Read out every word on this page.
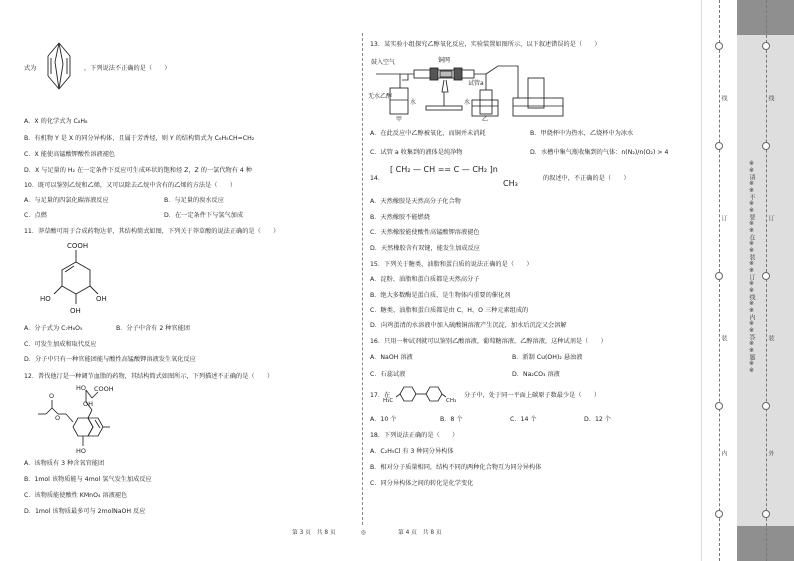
式为	，下列说法不正确的是（　　）
A．X 的化学式为 C₈H₈
B．有机物 Y 是 X 的同分异构体，且属于芳香烃，则 Y 的结构简式为 C₆H₅CH=CH₂
C．X 能使高锰酸钾酸性溶液褪色
D．X 与足量的 H₂ 在一定条件下反应可生成环状的饱和烃 Z，Z 的一氯代物有 4 种
10．既可以鉴别乙烷和乙烯，又可以除去乙烷中含有的乙烯的方法是（　　）
A．与足量的四氯化碳溶液反应	B．与足量的溴水反应
C．点燃	D．在一定条件下与氢气加成
11．莽草酸可用于合成药物达菲，其结构简式如图，下列关于莽草酸的说法正确的是（　　）
COOH
OH
OH
HO
A．分子式为 C₇H₆O₅	B．分子中含有 2 种官能团
C．可发生加成和取代反应
D．分子中只有一种官能团能与酸性高锰酸钾溶液发生氧化反应
12．普伐他汀是一种调节血脂的药物，其结构简式如图所示，下列描述不正确的是（　　）
HO COOH
OH
O
O
HO
A．该物质有 3 种含氧官能团
B．1mol 该物质能与 4mol 氢气发生加成反应
C．该物质能使酸性 KMnO₄ 溶液褪色
D．1mol 该物质最多可与 2molNaOH 反应
13．某实验小组探究乙醇氧化反应，实验装置如图所示，以下叙述错误的是（　　）
鼓入空气	铜网
试管a
无水乙醇
水	水
甲	乙
A．在此反应中乙醇被氧化，而铜并未消耗	B．甲烧杯中为热水，乙烧杯中为冰水
C．试管 a 收集到的液体是纯净物	D．水槽中集气瓶收集到的气体：n(N₂)/n(O₂) > 4
14．
[ CH₂ — CH == C — CH₂ ]n
CH₃
的叙述中，不正确的是（　　）
A．天然橡胶是天然高分子化合物
B．天然橡胶不能燃烧
C．天然橡胶能使酸性高锰酸钾溶液褪色
D．天然橡胶含有双键，能发生加成反应
15．下列关于糖类、油脂和蛋白质的说法正确的是（　　）
A．淀粉、油脂和蛋白质都是天然高分子
B．绝大多数酶是蛋白质，是生物体内重要的催化剂
C．糖类、油脂和蛋白质都是由 C、H、O 三种元素组成的
D．向鸡蛋清的水溶液中加入硫酸铜溶液产生沉淀，加水后沉淀又会溶解
16．只用一种试剂就可以鉴别乙酸溶液，葡萄糖溶液，乙醇溶液，这种试剂是（　　）
A．NaOH 溶液	B．新制 Cu(OH)₂ 悬浊液
C．石蕊试液	D．Na₂CO₃ 溶液
17．在
H₃C	CH₃
分子中，处于同一平面上碳原子数最少是（　　）
A．10 个	B．8 个	C．14 个	D．12 个
18．下列说法正确的是（　　）
A．C₂H₅Cl 有 3 种同分异构体
B．相对分子质量相同，结构不同的两种化合物互为同分异构体
C．同分异构体之间的转化是化学变化
第 3 页　共 8 页	◎	第 4 页　共 8 页
线
订
装
内
线
订
装
外
※※请※※不※※要※※在※※装※※订※※线※※内※※答※※题※※
